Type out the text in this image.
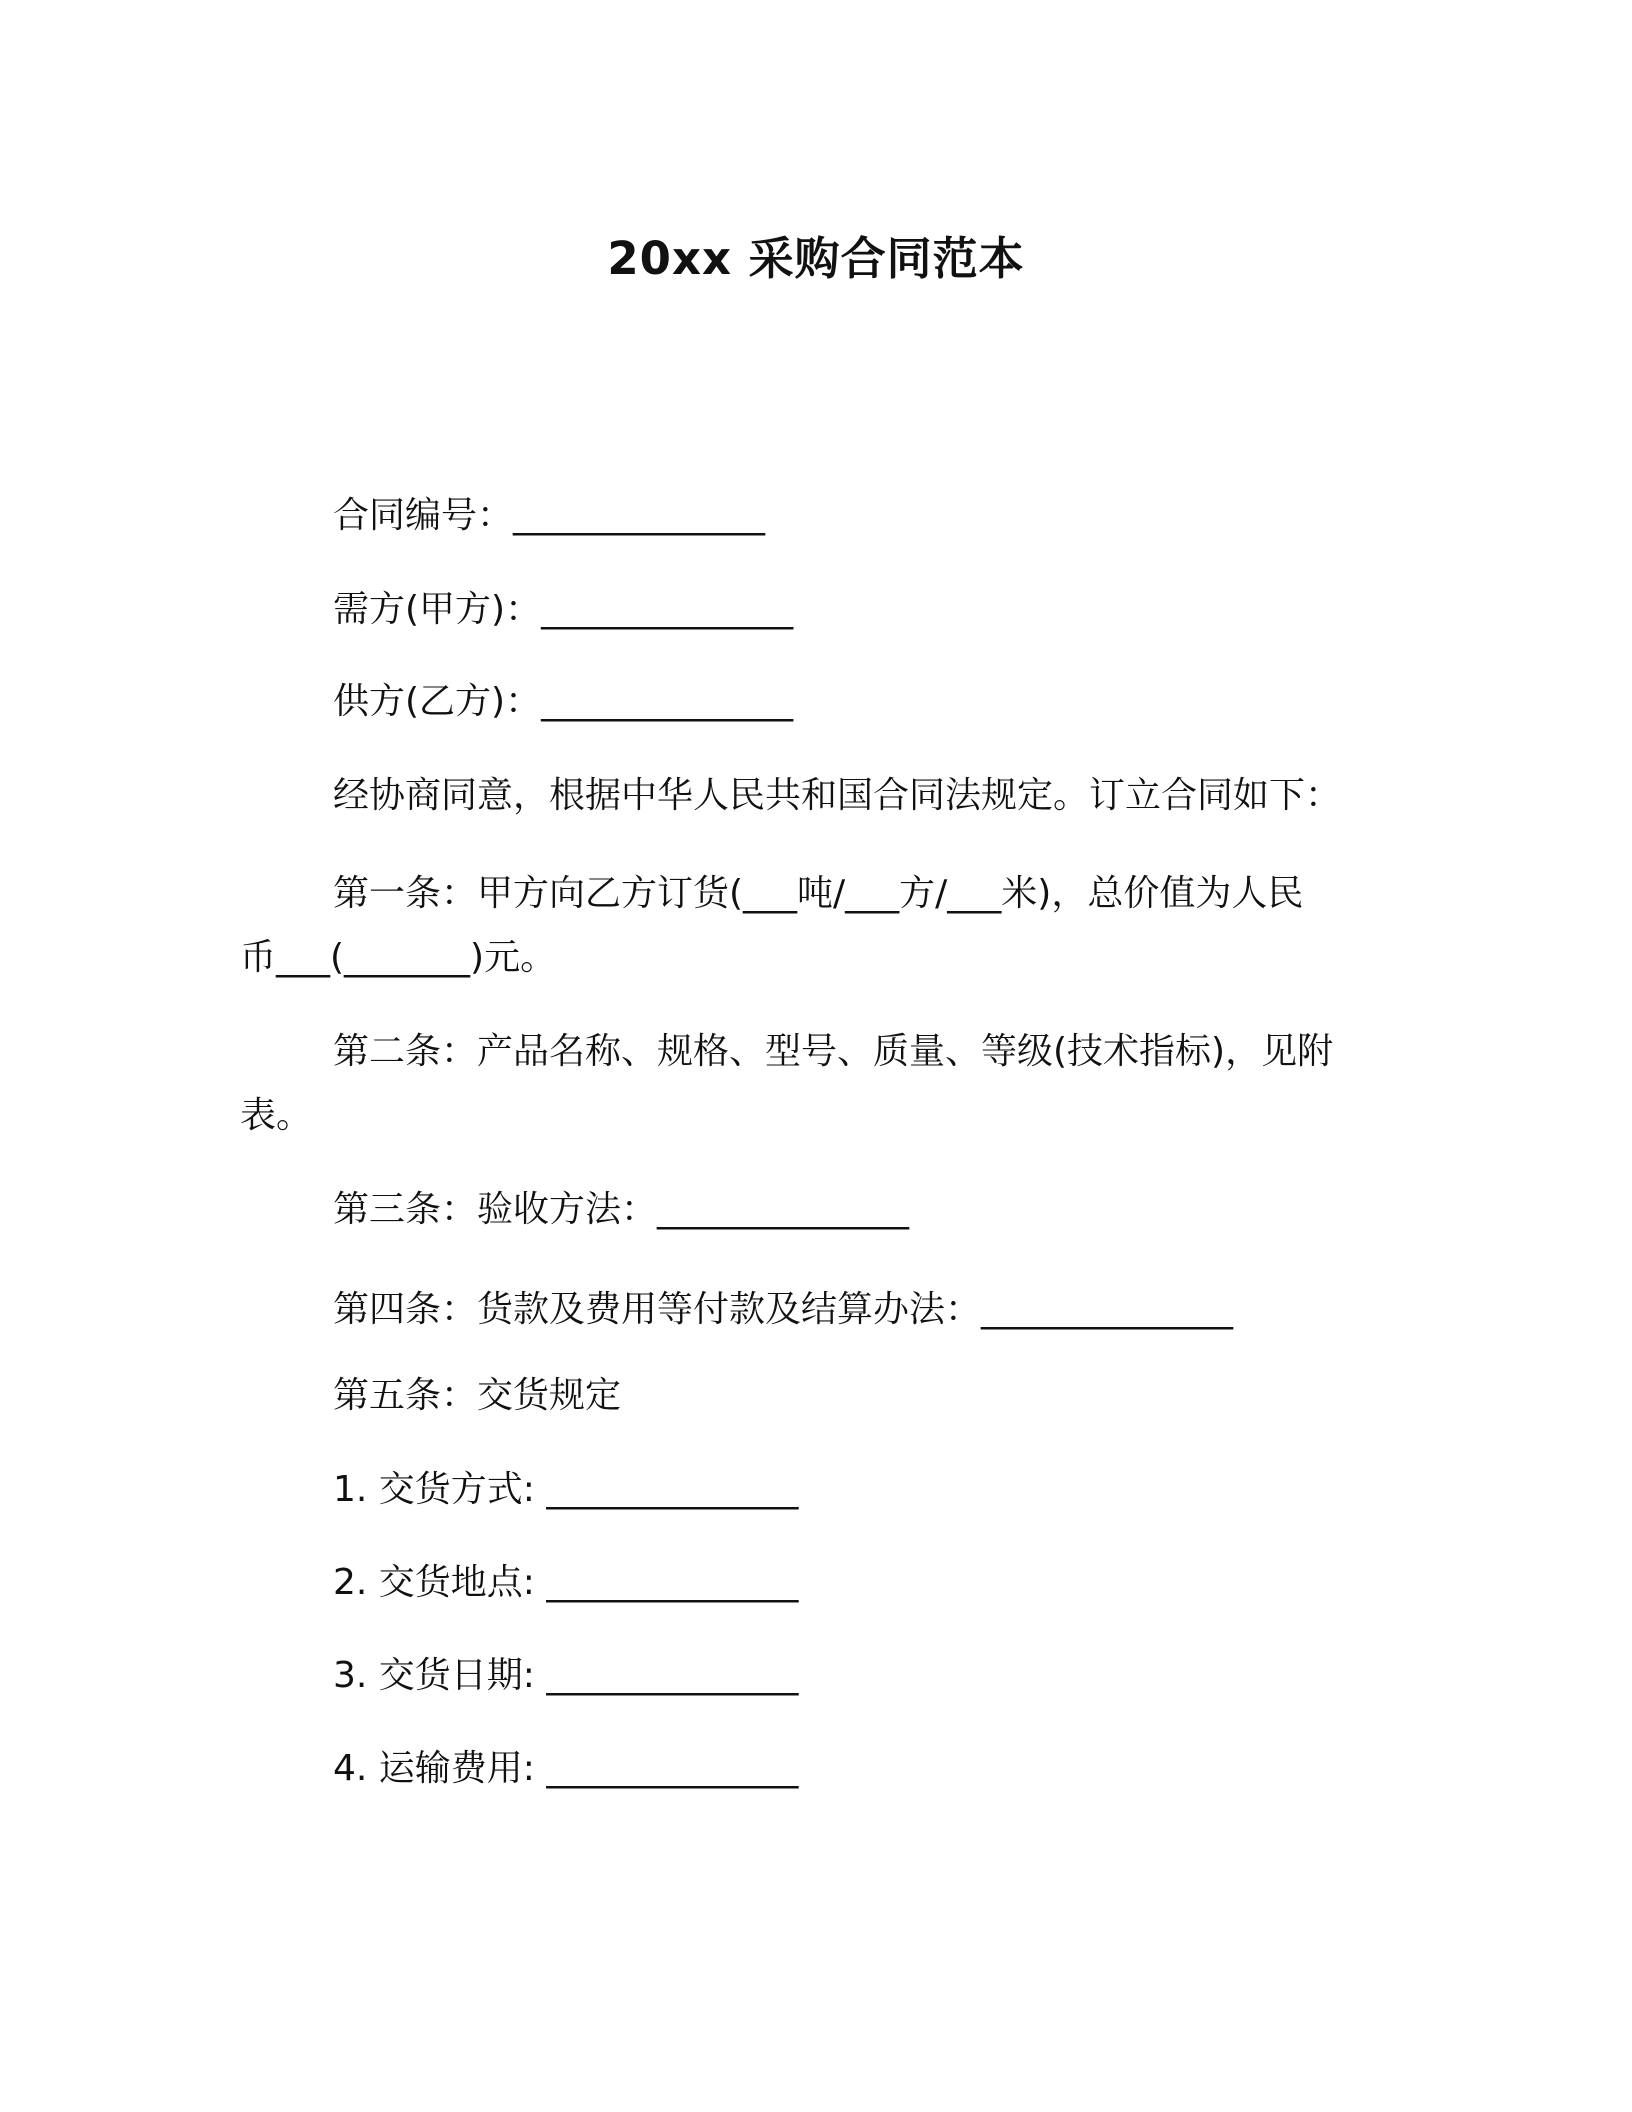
20xx 采购合同范本
合同编号：______________
需方(甲方)：______________
供方(乙方)：______________
经协商同意，根据中华人民共和国合同法规定。订立合同如下：
第一条：甲方向乙方订货(___吨/___方/___米)，总价值为人民
币___(_______)元。
第二条：产品名称、规格、型号、质量、等级(技术指标)，见附
表。
第三条：验收方法：______________
第四条：货款及费用等付款及结算办法：______________
第五条：交货规定
1. 交货方式: ______________
2. 交货地点: ______________
3. 交货日期: ______________
4. 运输费用: ______________
